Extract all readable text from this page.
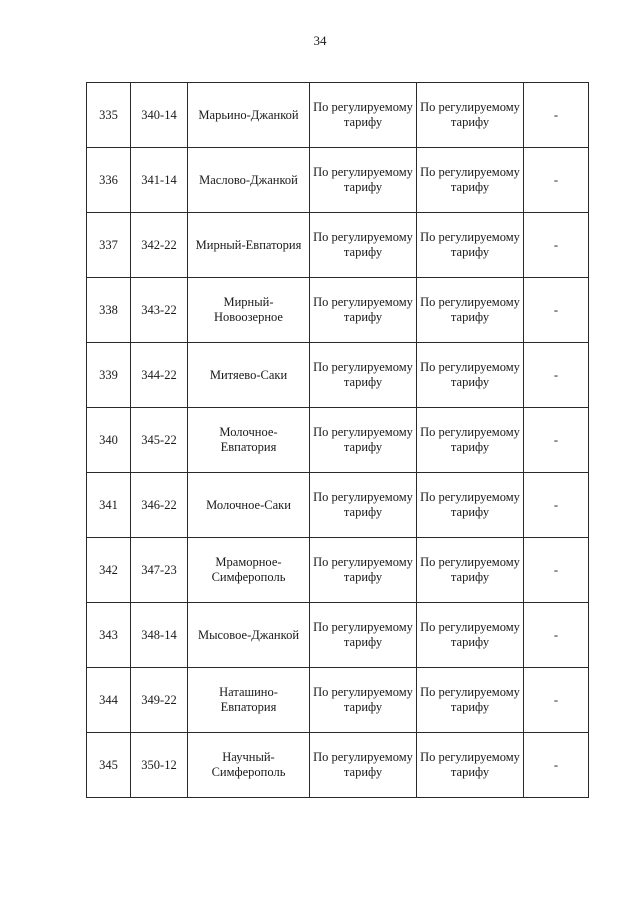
34
335	340-14	Марьино-Джанкой	По регулируемому тарифу	По регулируемому тарифу	-
336	341-14	Маслово-Джанкой	По регулируемому тарифу	По регулируемому тарифу	-
337	342-22	Мирный-Евпатория	По регулируемому тарифу	По регулируемому тарифу	-
338	343-22	Мирный-Новоозерное	По регулируемому тарифу	По регулируемому тарифу	-
339	344-22	Митяево-Саки	По регулируемому тарифу	По регулируемому тарифу	-
340	345-22	Молочное-Евпатория	По регулируемому тарифу	По регулируемому тарифу	-
341	346-22	Молочное-Саки	По регулируемому тарифу	По регулируемому тарифу	-
342	347-23	Мраморное-Симферополь	По регулируемому тарифу	По регулируемому тарифу	-
343	348-14	Мысовое-Джанкой	По регулируемому тарифу	По регулируемому тарифу	-
344	349-22	Наташино-Евпатория	По регулируемому тарифу	По регулируемому тарифу	-
345	350-12	Научный-Симферополь	По регулируемому тарифу	По регулируемому тарифу	-
